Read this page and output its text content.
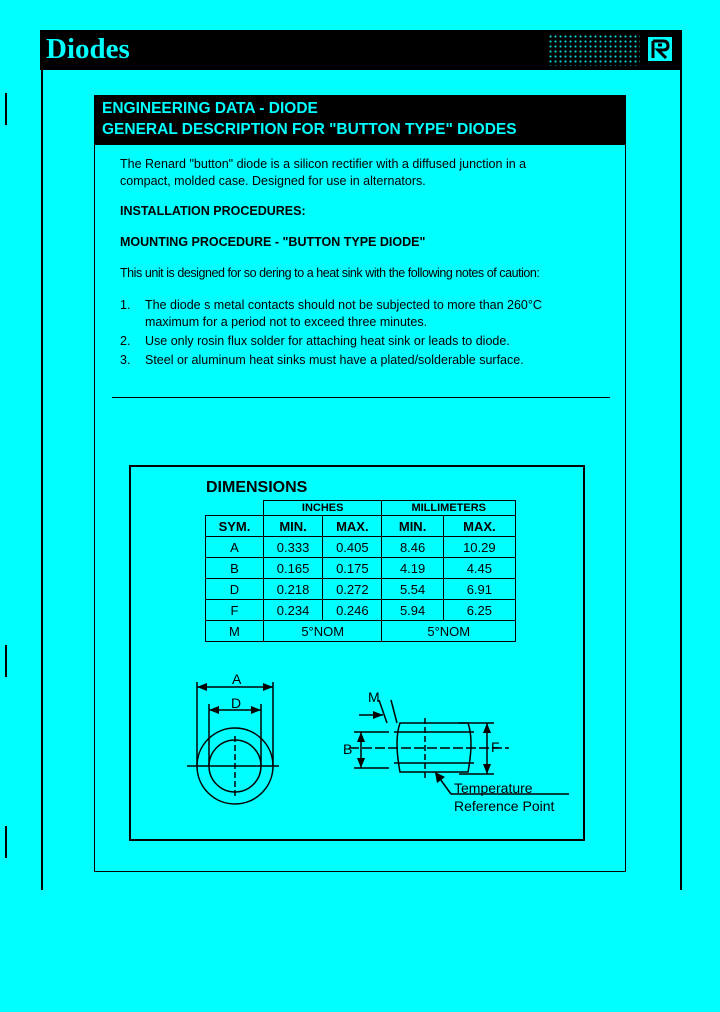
Diodes
ENGINEERING DATA - DIODE
GENERAL DESCRIPTION FOR "BUTTON TYPE" DIODES
The Renard "button" diode is a silicon rectifier with a diffused junction in a
compact, molded case. Designed for use in alternators.
INSTALLATION PROCEDURES:
MOUNTING PROCEDURE - "BUTTON TYPE DIODE"
This unit is designed for so dering to a heat sink with the following notes of caution:
1. The diode s metal contacts should not be subjected to more than 260°C
maximum for a period not to exceed three minutes.
2. Use only rosin flux solder for attaching heat sink or leads to diode.
3. Steel or aluminum heat sinks must have a plated/solderable surface.
DIMENSIONS
	INCHES		MILLIMETERS	
SYM.	MIN.	MAX.	MIN.	MAX.
A	0.333	0.405	8.46	10.29
B	0.165	0.175	4.19	4.45
D	0.218	0.272	5.54	6.91
F	0.234	0.246	5.94	6.25
M	5°NOM		5°NOM	
A
D	M
B	F
Temperature
Reference Point
